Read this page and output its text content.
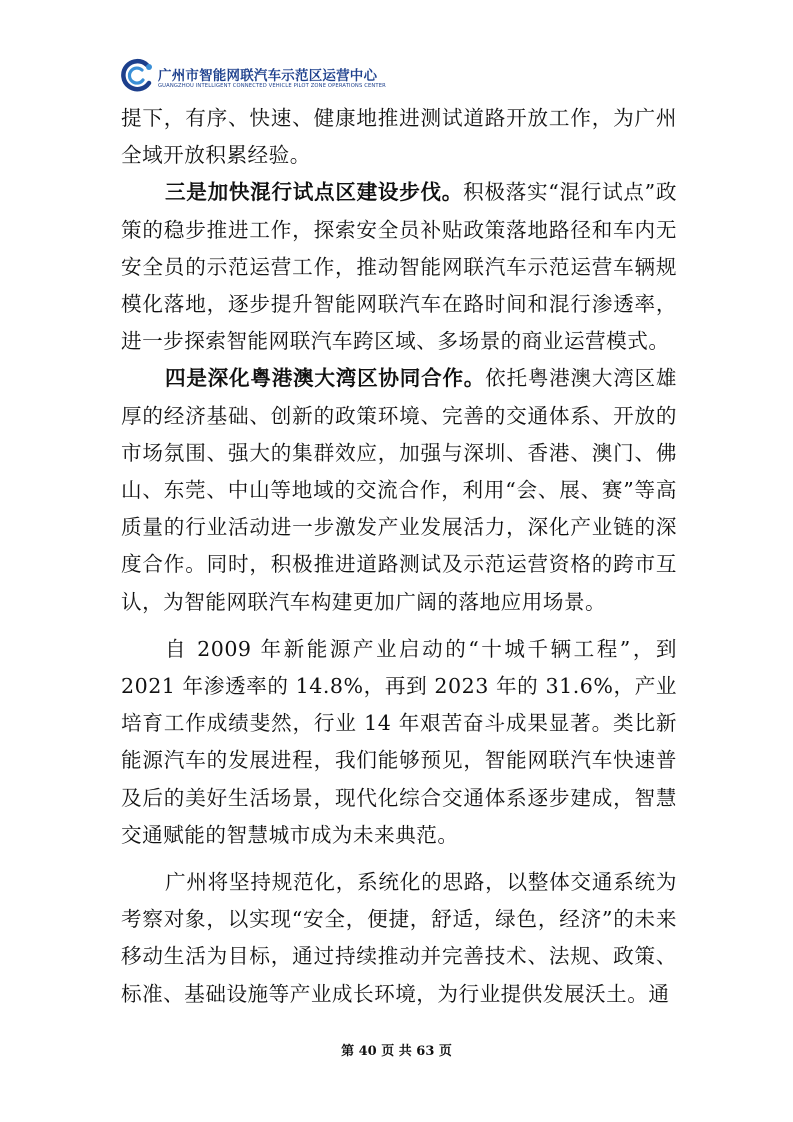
广州市智能网联汽车示范区运营中心
GUANGZHOU INTELLIGENT CONNECTED VEHICLE PILOT ZONE OPERATIONS CENTER

提下，有序、快速、健康地推进测试道路开放工作，为广州全域开放积累经验。

三是加快混行试点区建设步伐。积极落实“混行试点”政策的稳步推进工作，探索安全员补贴政策落地路径和车内无安全员的示范运营工作，推动智能网联汽车示范运营车辆规模化落地，逐步提升智能网联汽车在路时间和混行渗透率，进一步探索智能网联汽车跨区域、多场景的商业运营模式。

四是深化粤港澳大湾区协同合作。依托粤港澳大湾区雄厚的经济基础、创新的政策环境、完善的交通体系、开放的市场氛围、强大的集群效应，加强与深圳、香港、澳门、佛山、东莞、中山等地域的交流合作，利用“会、展、赛”等高质量的行业活动进一步激发产业发展活力，深化产业链的深度合作。同时，积极推进道路测试及示范运营资格的跨市互认，为智能网联汽车构建更加广阔的落地应用场景。

自 2009 年新能源产业启动的“十城千辆工程”，到 2021 年渗透率的 14.8%，再到 2023 年的 31.6%，产业培育工作成绩斐然，行业 14 年艰苦奋斗成果显著。类比新能源汽车的发展进程，我们能够预见，智能网联汽车快速普及后的美好生活场景，现代化综合交通体系逐步建成，智慧交通赋能的智慧城市成为未来典范。

广州将坚持规范化，系统化的思路，以整体交通系统为考察对象，以实现“安全，便捷，舒适，绿色，经济”的未来移动生活为目标，通过持续推动并完善技术、法规、政策、标准、基础设施等产业成长环境，为行业提供发展沃土。通

第 40 页 共 63 页
